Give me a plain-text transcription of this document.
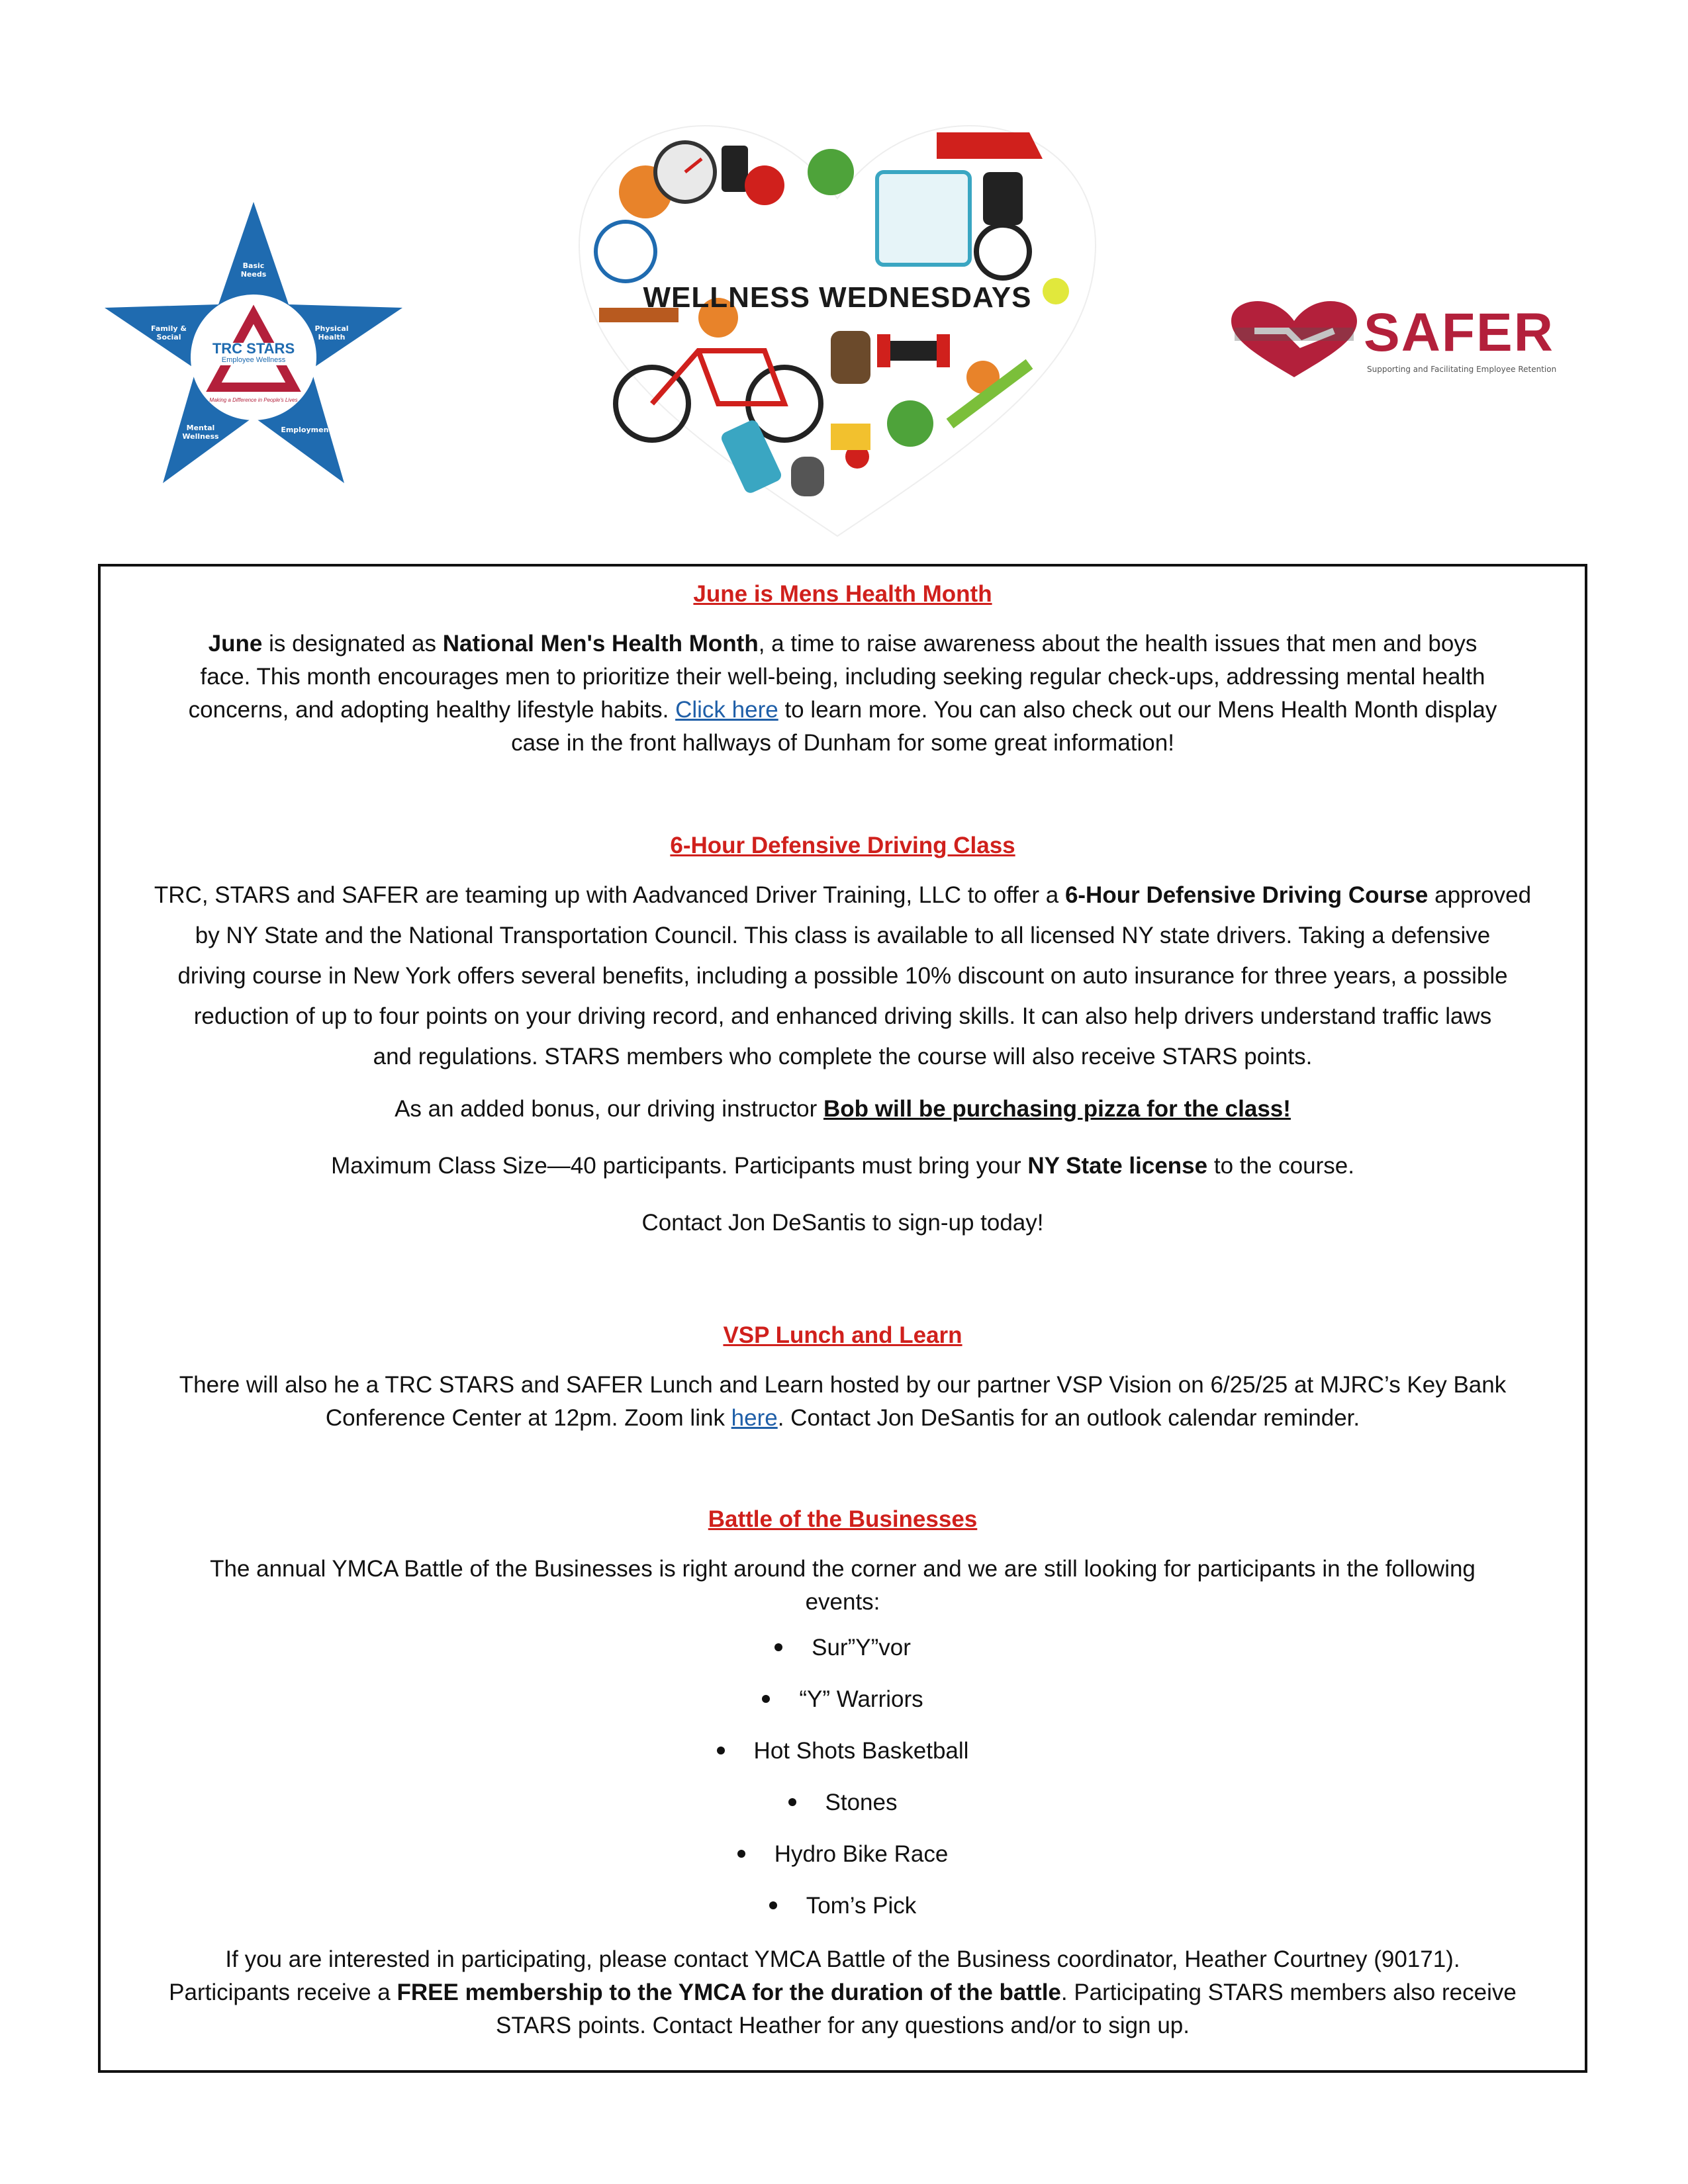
Basic Needs
Physical Health
Employment
Mental Wellness
Family & Social
TRC STARS
Employee Wellness
Making a Difference in People's Lives
WELLNESS WEDNESDAYS
SAFER
Supporting and Facilitating Employee Retention

June is Mens Health Month

June is designated as National Men's Health Month, a time to raise awareness about the health issues that men and boys
face. This month encourages men to prioritize their well-being, including seeking regular check-ups, addressing mental health
concerns, and adopting healthy lifestyle habits. Click here to learn more. You can also check out our Mens Health Month display
case in the front hallways of Dunham for some great information!

6-Hour Defensive Driving Class

TRC, STARS and SAFER are teaming up with Aadvanced Driver Training, LLC to offer a 6-Hour Defensive Driving Course approved
by NY State and the National Transportation Council. This class is available to all licensed NY state drivers. Taking a defensive
driving course in New York offers several benefits, including a possible 10% discount on auto insurance for three years, a possible
reduction of up to four points on your driving record, and enhanced driving skills. It can also help drivers understand traffic laws
and regulations. STARS members who complete the course will also receive STARS points.
As an added bonus, our driving instructor Bob will be purchasing pizza for the class!
Maximum Class Size—40 participants. Participants must bring your NY State license to the course.
Contact Jon DeSantis to sign-up today!

VSP Lunch and Learn

There will also he a TRC STARS and SAFER Lunch and Learn hosted by our partner VSP Vision on 6/25/25 at MJRC’s Key Bank
Conference Center at 12pm. Zoom link here. Contact Jon DeSantis for an outlook calendar reminder.

Battle of the Businesses

The annual YMCA Battle of the Businesses is right around the corner and we are still looking for participants in the following
events:
Sur”Y”vor
“Y” Warriors
Hot Shots Basketball
Stones
Hydro Bike Race
Tom’s Pick
If you are interested in participating, please contact YMCA Battle of the Business coordinator, Heather Courtney (90171).
Participants receive a FREE membership to the YMCA for the duration of the battle. Participating STARS members also receive
STARS points. Contact Heather for any questions and/or to sign up.
